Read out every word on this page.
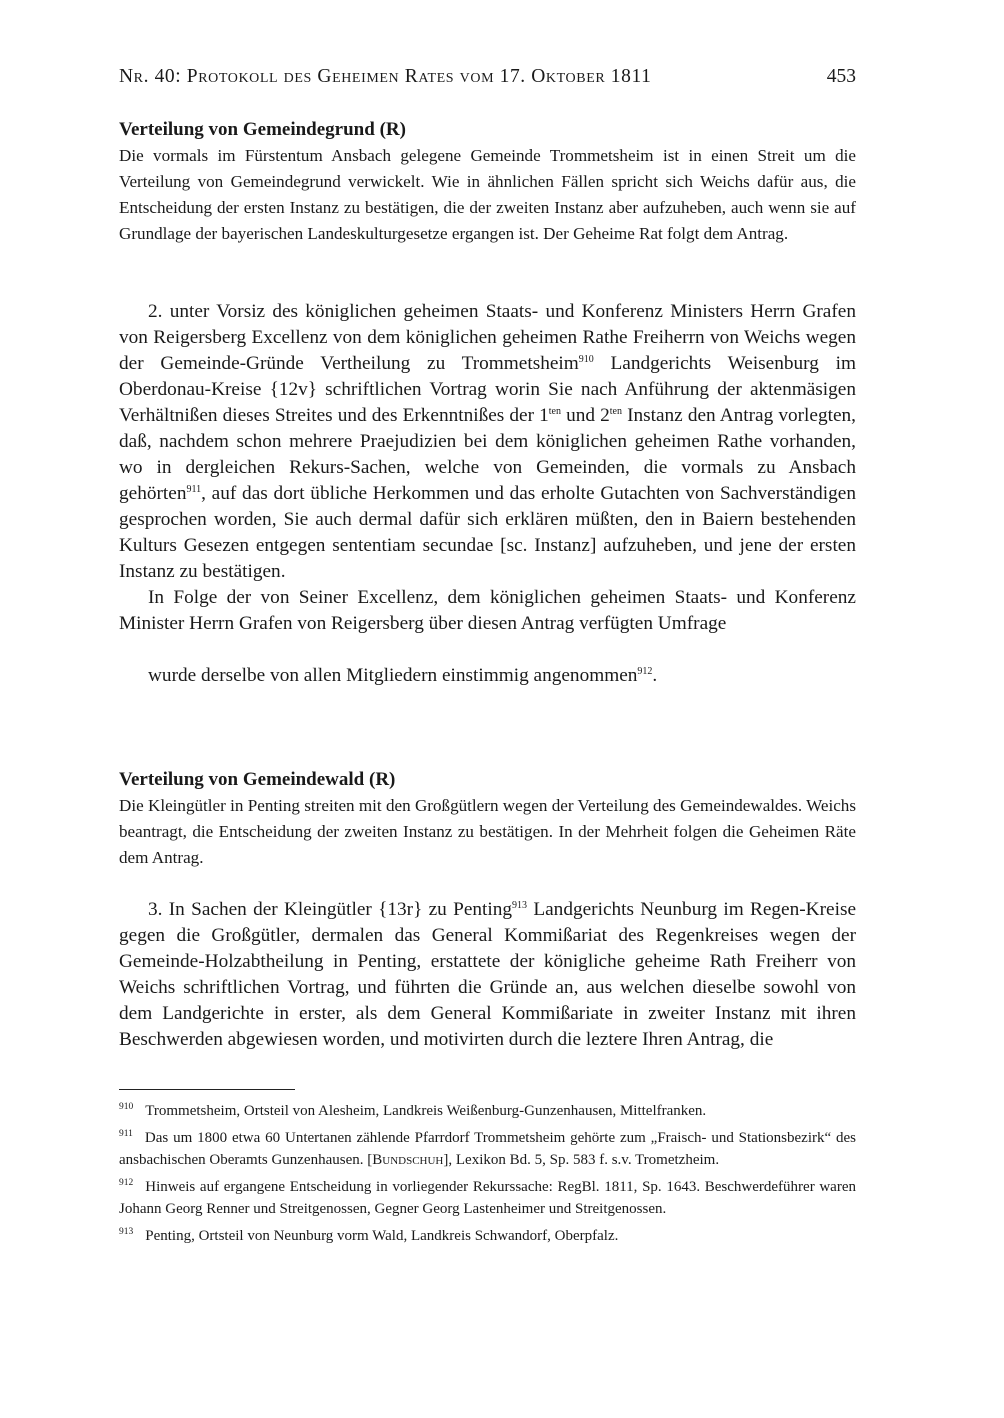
Nr. 40: Protokoll des Geheimen Rates vom 17. Oktober 1811	453

Verteilung von Gemeindegrund (R)

Die vormals im Fürstentum Ansbach gelegene Gemeinde Trommetsheim ist in einen Streit um die Verteilung von Gemeindegrund verwickelt. Wie in ähnlichen Fällen spricht sich Weichs dafür aus, die Entscheidung der ersten Instanz zu bestätigen, die der zweiten Instanz aber aufzuheben, auch wenn sie auf Grundlage der bayerischen Landeskulturgesetze ergangen ist. Der Geheime Rat folgt dem Antrag.

2. unter Vorsiz des königlichen geheimen Staats- und Konferenz Ministers Herrn Grafen von Reigersberg Excellenz von dem königlichen geheimen Rathe Freiherrn von Weichs wegen der Gemeinde-Gründe Vertheilung zu Trommetsheim$^{910}$ Landgerichts Weisenburg im Oberdonau-Kreise {12v} schriftlichen Vortrag worin Sie nach Anführung der aktenmäsigen Verhältnißen dieses Streites und des Erkenntnißes der $1^{ten}$ und $2^{ten}$ Instanz den Antrag vorlegten, daß, nachdem schon mehrere Praejudizien bei dem königlichen geheimen Rathe vorhanden, wo in dergleichen Rekurs-Sachen, welche von Gemeinden, die vormals zu Ansbach gehörten$^{911}$, auf das dort übliche Herkommen und das erholte Gutachten von Sachverständigen gesprochen worden, Sie auch dermal dafür sich erklären müßten, den in Baiern bestehenden Kulturs Gesezen entgegen sententiam secundae [sc. Instanz] aufzuheben, und jene der ersten Instanz zu bestätigen.

In Folge der von Seiner Excellenz, dem königlichen geheimen Staats- und Konferenz Minister Herrn Grafen von Reigersberg über diesen Antrag verfügten Umfrage

wurde derselbe von allen Mitgliedern einstimmig angenommen$^{912}$.

Verteilung von Gemeindewald (R)

Die Kleingütler in Penting streiten mit den Großgütlern wegen der Verteilung des Gemeindewaldes. Weichs beantragt, die Entscheidung der zweiten Instanz zu bestätigen. In der Mehrheit folgen die Geheimen Räte dem Antrag.

3. In Sachen der Kleingütler {13r} zu Penting$^{913}$ Landgerichts Neunburg im Regen-Kreise gegen die Großgütler, dermalen das General Kommißariat des Regenkreises wegen der Gemeinde-Holzabtheilung in Penting, erstattete der königliche geheime Rath Freiherr von Weichs schriftlichen Vortrag, und führten die Gründe an, aus welchen dieselbe sowohl von dem Landgerichte in erster, als dem General Kommißariate in zweiter Instanz mit ihren Beschwerden abgewiesen worden, und motivirten durch die leztere Ihren Antrag, die

$^{910}$ Trommetsheim, Ortsteil von Alesheim, Landkreis Weißenburg-Gunzenhausen, Mittelfranken.

$^{911}$ Das um 1800 etwa 60 Untertanen zählende Pfarrdorf Trommetsheim gehörte zum „Fraisch- und Stationsbezirk“ des ansbachischen Oberamts Gunzenhausen. [Bundschuh], Lexikon Bd. 5, Sp. 583 f. s.v. Trometzheim.

$^{912}$ Hinweis auf ergangene Entscheidung in vorliegender Rekurssache: RegBl. 1811, Sp. 1643. Beschwerdeführer waren Johann Georg Renner und Streitgenossen, Gegner Georg Lastenheimer und Streitgenossen.

$^{913}$ Penting, Ortsteil von Neunburg vorm Wald, Landkreis Schwandorf, Oberpfalz.
